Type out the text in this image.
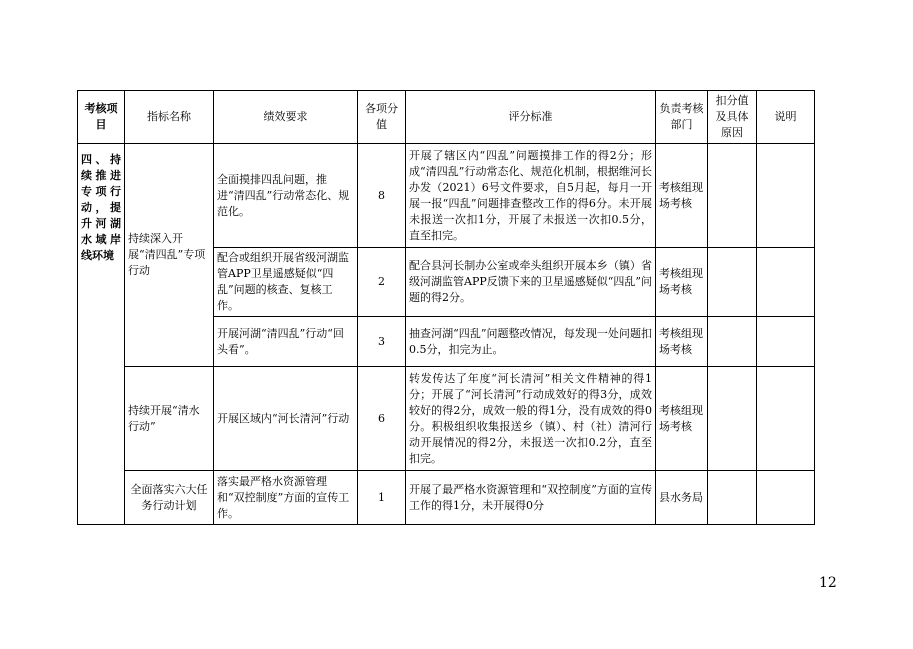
考核项目	指标名称	绩效要求	各项分值	评分标准	负责考核部门	扣分值及具体原因	说明
四、持续推进专项行动，提升河湖水域岸线环境	持续深入开展“清四乱”专项行动	全面摸排四乱问题，推进“清四乱”行动常态化、规范化。	8	开展了辖区内“四乱”问题摸排工作的得2分；形成“清四乱”行动常态化、规范化机制，根据维河长办发（2021）6号文件要求，自5月起，每月一开展一报“四乱”问题排查整改工作的得6分。未开展未报送一次扣1分，开展了未报送一次扣0.5分，直至扣完。	考核组现场考核		
		配合或组织开展省级河湖监管APP卫星遥感疑似“四乱”问题的核查、复核工作。	2	配合县河长制办公室或牵头组织开展本乡（镇）省级河湖监管APP反馈下来的卫星遥感疑似“四乱”问题的得2分。	考核组现场考核		
		开展河湖“清四乱”行动“回头看”。	3	抽查河湖“四乱”问题整改情况，每发现一处问题扣0.5分，扣完为止。	考核组现场考核		
	持续开展“清水行动”	开展区域内“河长清河”行动	6	转发传达了年度“河长清河”相关文件精神的得1分；开展了“河长清河”行动成效好的得3分，成效较好的得2分，成效一般的得1分，没有成效的得0分。积极组织收集报送乡（镇）、村（社）清河行动开展情况的得2分，未报送一次扣0.2分，直至扣完。	考核组现场考核		
	全面落实六大任务行动计划	落实最严格水资源管理和“双控制度”方面的宣传工作。	1	开展了最严格水资源管理和“双控制度”方面的宣传工作的得1分，未开展得0分	县水务局		
12
